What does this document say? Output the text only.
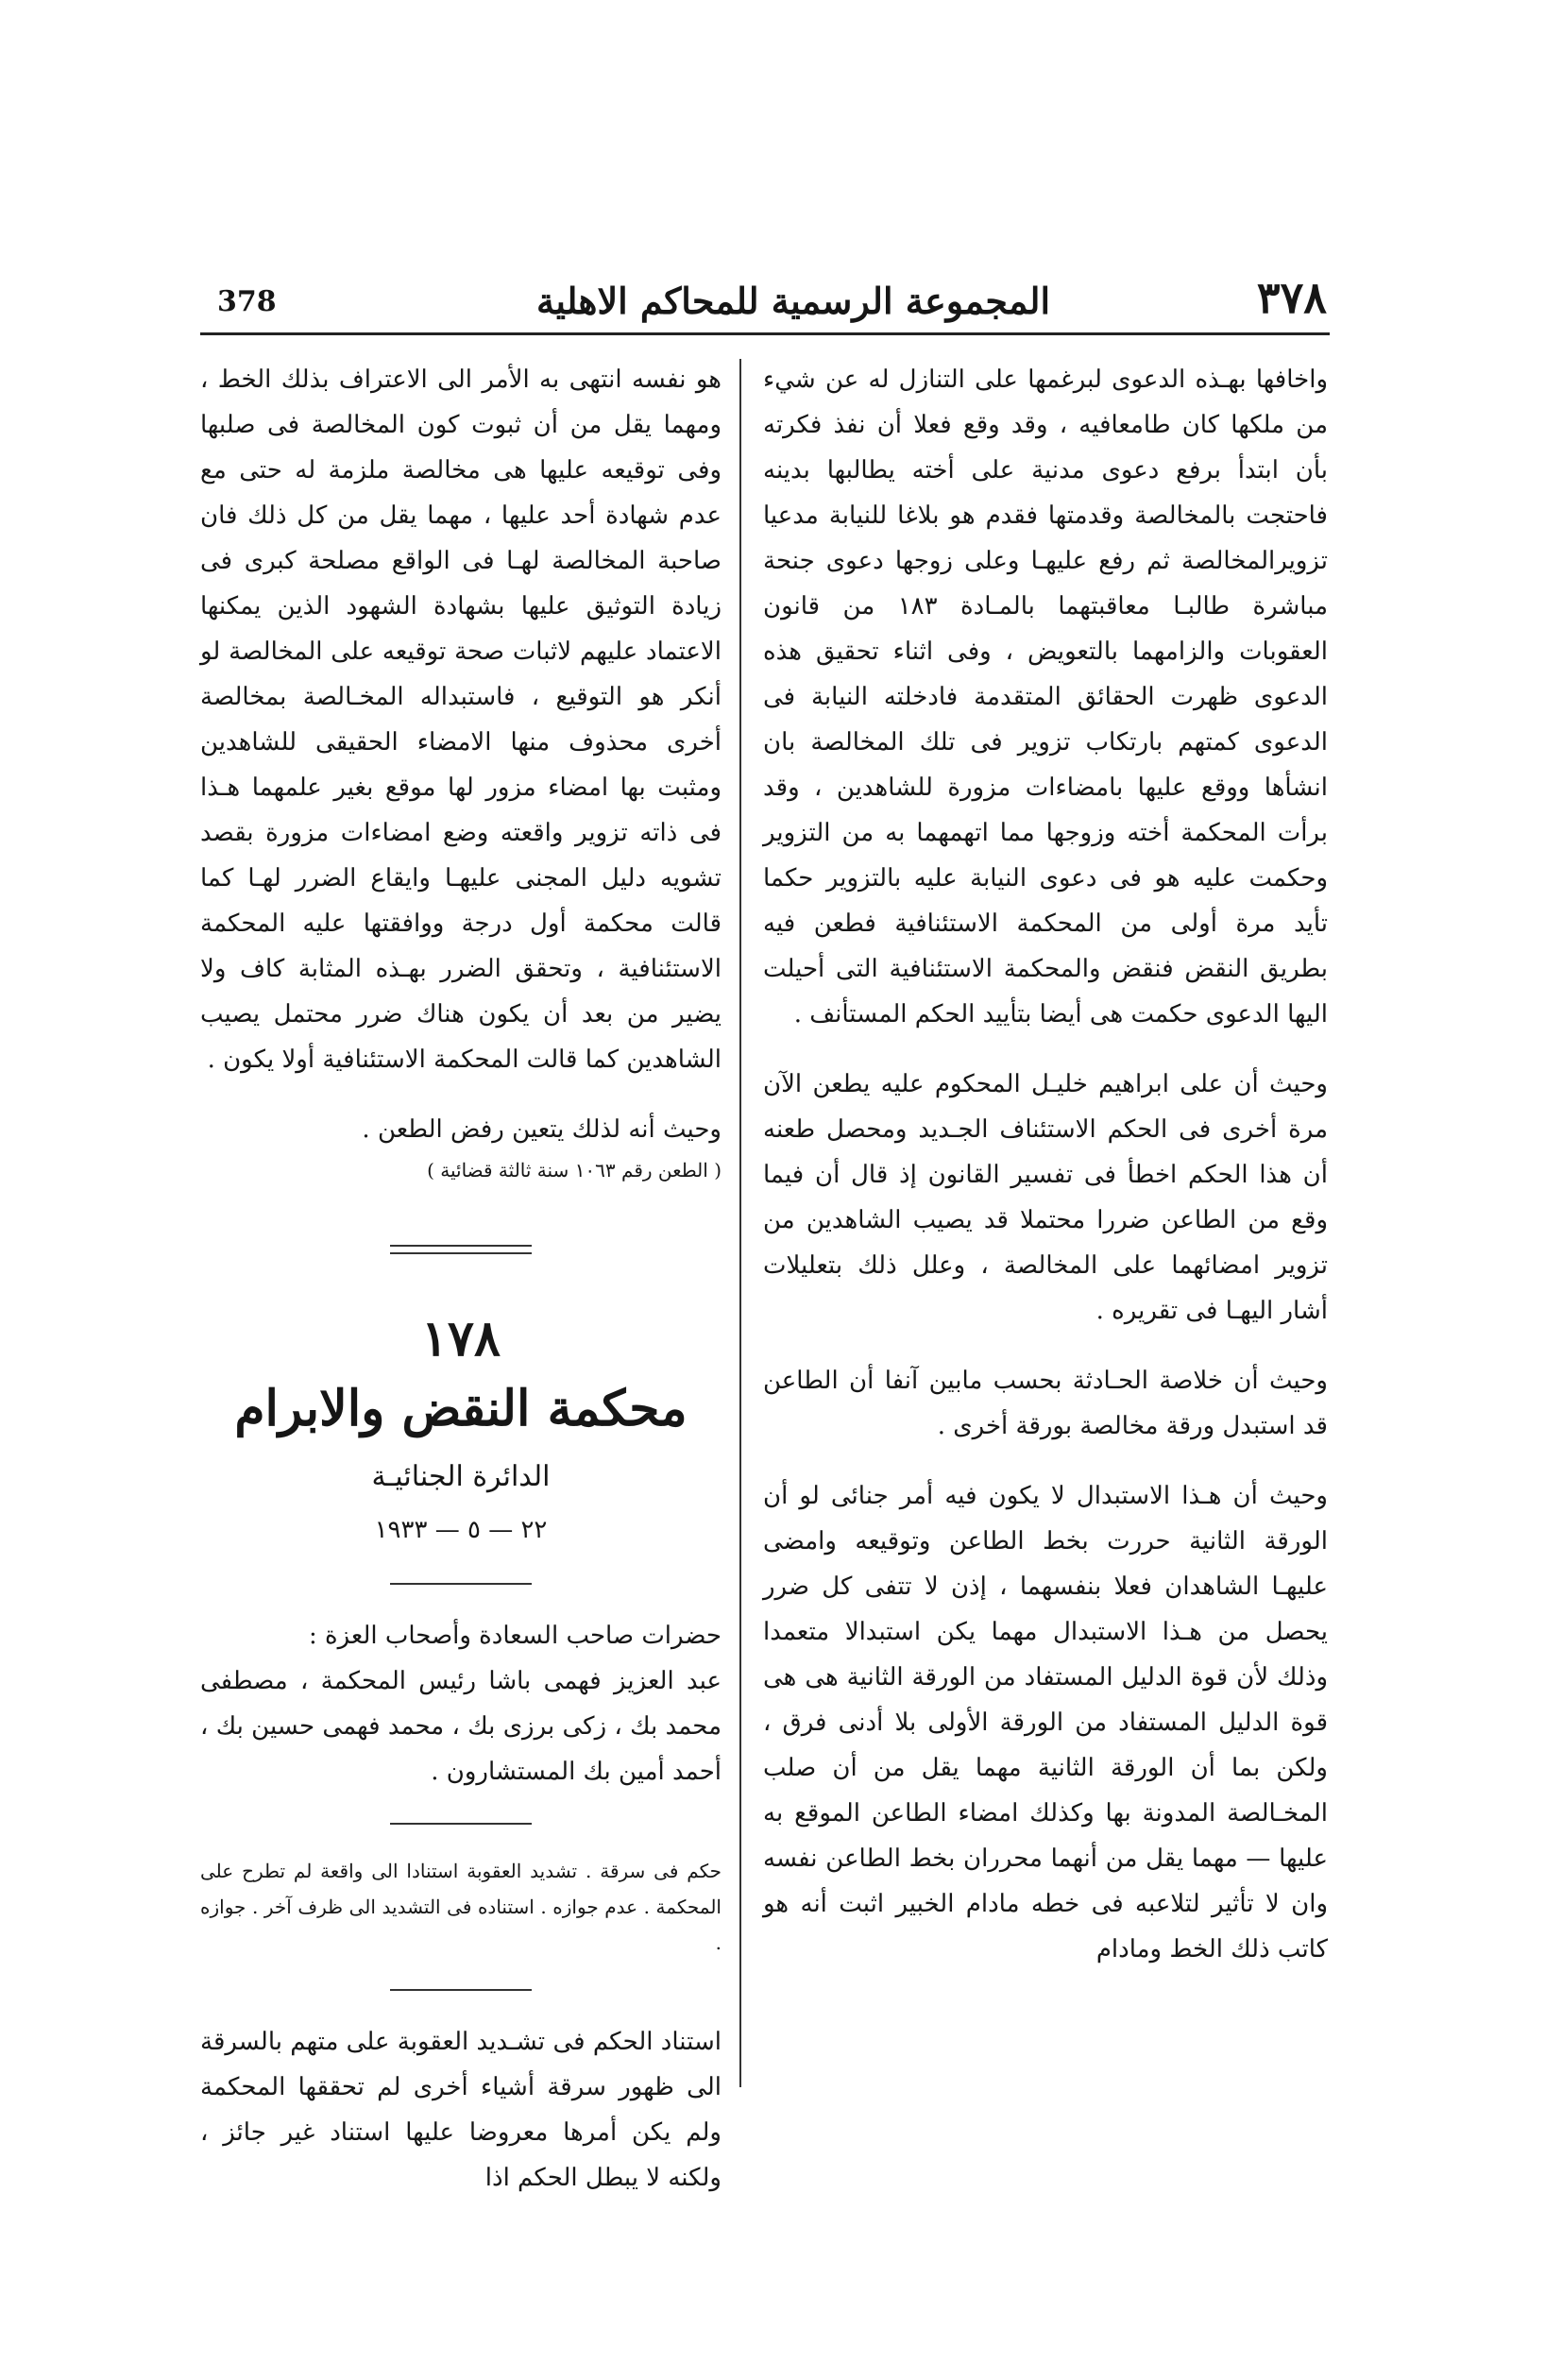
378	المجموعة الرسمية للمحاكم الاهلية	٣٧٨

واخافها بهـذه الدعوى لبرغمها على التنازل له عن شيء من ملكها كان طامعافيه ، وقد وقع فعلا أن نفذ فكرته بأن ابتدأ برفع دعوى مدنية على أخته يطالبها بدينه فاحتجت بالمخالصة وقدمتها فقدم هو بلاغا للنيابة مدعيا تزويرالمخالصة ثم رفع عليهـا وعلى زوجها دعوى جنحة مباشرة طالبـا معاقبتهما بالمـادة ١٨٣ من قانون العقوبات والزامهما بالتعويض ، وفى اثناء تحقيق هذه الدعوى ظهرت الحقائق المتقدمة فادخلته النيابة فى الدعوى كمتهم بارتكاب تزوير فى تلك المخالصة بان انشأها ووقع عليها بامضاءات مزورة للشاهدين ، وقد برأت المحكمة أخته وزوجها مما اتهمهما به من التزوير وحكمت عليه هو فى دعوى النيابة عليه بالتزوير حكما تأيد مرة أولى من المحكمة الاستئنافية فطعن فيه بطريق النقض فنقض والمحكمة الاستئنافية التى أحيلت اليها الدعوى حكمت هى أيضا بتأييد الحكم المستأنف .

وحيث أن على ابراهيم خليـل المحكوم عليه يطعن الآن مرة أخرى فى الحكم الاستئناف الجـديد ومحصل طعنه أن هذا الحكم اخطأ فى تفسير القانون إذ قال أن فيما وقع من الطاعن ضررا محتملا قد يصيب الشاهدين من تزوير امضائهما على المخالصة ، وعلل ذلك بتعليلات أشار اليهـا فى تقريره .

وحيث أن خلاصة الحـادثة بحسب مابين آنفا أن الطاعن قد استبدل ورقة مخالصة بورقة أخرى .

وحيث أن هـذا الاستبدال لا يكون فيه أمر جنائى لو أن الورقة الثانية حررت بخط الطاعن وتوقيعه وامضى عليهـا الشاهدان فعلا بنفسهما ، إذن لا تتفى كل ضرر يحصل من هـذا الاستبدال مهما يكن استبدالا متعمدا وذلك لأن قوة الدليل المستفاد من الورقة الثانية هى هى قوة الدليل المستفاد من الورقة الأولى بلا أدنى فرق ، ولكن بما أن الورقة الثانية مهما يقل من أن صلب المخـالصة المدونة بها وكذلك امضاء الطاعن الموقع به عليها — مهما يقل من أنهما محرران بخط الطاعن نفسه وان لا تأثير لتلاعبه فى خطه مادام الخبير اثبت أنه هو كاتب ذلك الخط ومادام

هو نفسه انتهى به الأمر الى الاعتراف بذلك الخط ، ومهما يقل من أن ثبوت كون المخالصة فى صلبها وفى توقيعه عليها هى مخالصة ملزمة له حتى مع عدم شهادة أحد عليها ، مهما يقل من كل ذلك فان صاحبة المخالصة لهـا فى الواقع مصلحة كبرى فى زيادة التوثيق عليها بشهادة الشهود الذين يمكنها الاعتماد عليهم لاثبات صحة توقيعه على المخالصة لو أنكر هو التوقيع ، فاستبداله المخـالصة بمخالصة أخرى محذوف منها الامضاء الحقيقى للشاهدين ومثبت بها امضاء مزور لها موقع بغير علمهما هـذا فى ذاته تزوير واقعته وضع امضاءات مزورة بقصد تشويه دليل المجنى عليهـا وايقاع الضرر لهـا كما قالت محكمة أول درجة ووافقتها عليه المحكمة الاستئنافية ، وتحقق الضرر بهـذه المثابة كاف ولا يضير من بعد أن يكون هناك ضرر محتمل يصيب الشاهدين كما قالت المحكمة الاستئنافية أولا يكون .

وحيث أنه لذلك يتعين رفض الطعن .

( الطعن رقم ١٠٦٣ سنة ثالثة قضائية )

١٧٨
محكمة النقض والابرام
الدائرة الجنائيـة
٢٢ — ٥ — ١٩٣٣

حضرات صاحب السعادة وأصحاب العزة :

عبد العزيز فهمى باشا رئيس المحكمة ، مصطفى محمد بك ، زكى برزى بك ، محمد فهمى حسين بك ، أحمد أمين بك المستشارون .

حكم فى سرقة . تشديد العقوبة استنادا الى واقعة لم تطرح على المحكمة . عدم جوازه . استناده فى التشديد الى ظرف آخر . جوازه .

استناد الحكم فى تشـديد العقوبة على متهم بالسرقة الى ظهور سرقة أشياء أخرى لم تحققها المحكمة ولم يكن أمرها معروضا عليها استناد غير جائز ، ولكنه لا يبطل الحكم اذا
